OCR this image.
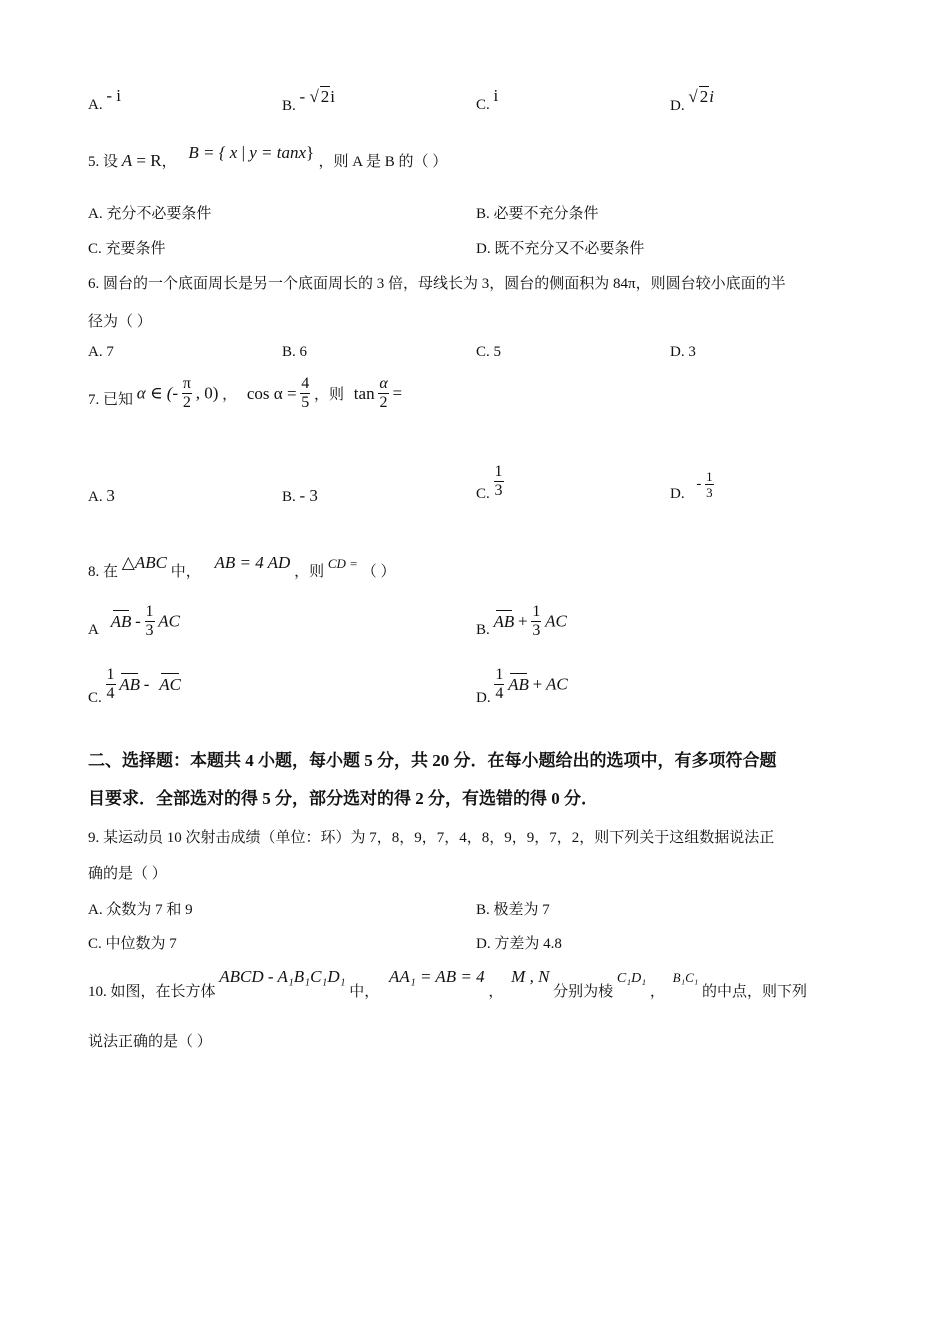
A. - i
B. - √ 2i	C. i
D. √ 2i
5. 设 A = R， B = { x | y = tanx} ，则 A 是 B 的（ ）
A. 充分不必要条件	B. 必要不充分条件
C. 充要条件	D. 既不充分又不必要条件
6. 圆台的一个底面周长是另一个底面周长的 3 倍，母线长为 3，圆台的侧面积为 84π，则圆台较小底面的半
径为（ ）
A. 7	B. 6	C. 5	D. 3
7. 已知 α ∈ (- $\frac{\pi}{2}$ , 0) ， $\cos \alpha = \frac{4}{5}$ ，则 $\tan \frac{\alpha}{2}$ =
A. 3	B. - 3	C. $\frac{1}{3}$	D. - $\frac{1}{3}$
8. 在 △ABC 中， AB = 4 AD ，则 CD = （ ）
A AB - $\frac{1}{3}$ AC	B. AB + $\frac{1}{3}$ AC
C. $\frac{1}{4}$ AB - AC
D. $\frac{1}{4}$ AB + AC
二、选择题：本题共 4 小题，每小题 5 分，共 20 分．在每小题给出的选项中，有多项符合题
目要求．全部选对的得 5 分，部分选对的得 2 分，有选错的得 0 分．
9. 某运动员 10 次射击成绩（单位：环）为 7，8，9，7，4，8，9，9，7，2，则下列关于这组数据说法正
确的是（ ）
A. 众数为 7 和 9	B. 极差为 7
C. 中位数为 7	D. 方差为 4.8
10. 如图，在长方体 ABCD - A₁B₁C₁D₁ 中， AA₁ = AB = 4 ， M , N 分别为棱 C₁D₁ ， B₁C₁ 的中点，则下列
说法正确的是（ ）
